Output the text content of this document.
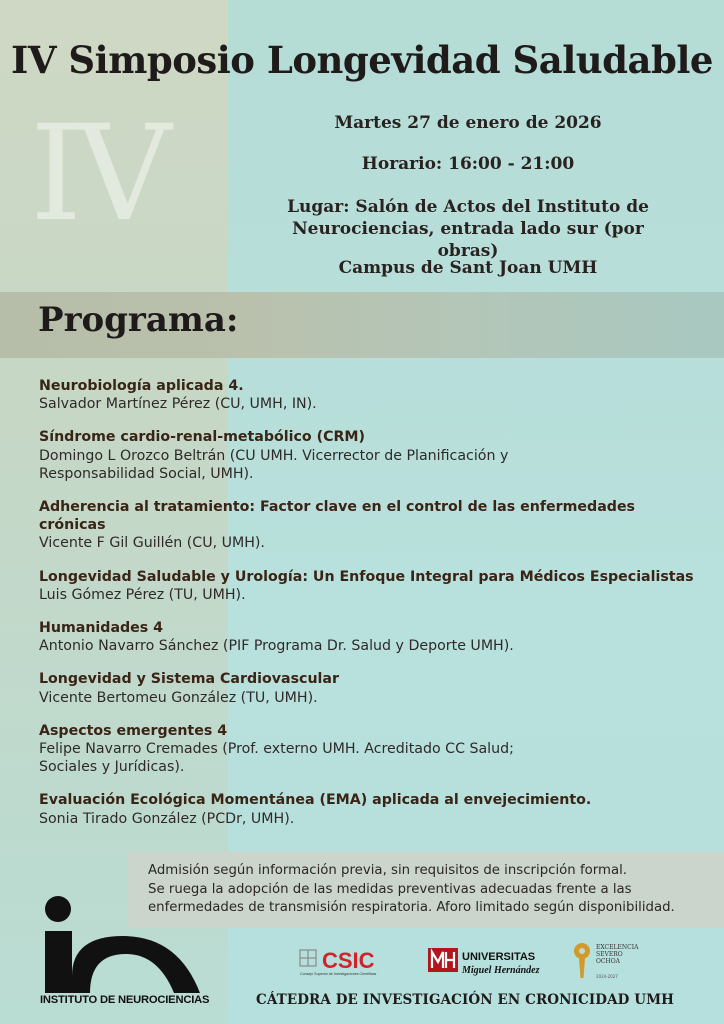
IV Simposio Longevidad Saludable
IV	Martes 27 de enero de 2026
Horario: 16:00 - 21:00
Lugar: Salón de Actos del Instituto de
Neurociencias, entrada lado sur (por obras)
Campus de Sant Joan UMH
Programa:
Neurobiología aplicada 4.
Salvador Martínez Pérez (CU, UMH, IN).
Síndrome cardio-renal-metabólico (CRM)
Domingo L Orozco Beltrán (CU UMH. Vicerrector de Planificación y Responsabilidad Social, UMH).
Adherencia al tratamiento: Factor clave en el control de las enfermedades crónicas
Vicente F Gil Guillén (CU, UMH).
Longevidad Saludable y Urología: Un Enfoque Integral para Médicos Especialistas
Luis Gómez Pérez (TU, UMH).
Humanidades 4
Antonio Navarro Sánchez (PIF Programa Dr. Salud y Deporte UMH).
Longevidad y Sistema Cardiovascular
Vicente Bertomeu González (TU, UMH).
Aspectos emergentes 4
Felipe Navarro Cremades (Prof. externo UMH. Acreditado CC Salud; Sociales y Jurídicas).
Evaluación Ecológica Momentánea (EMA) aplicada al envejecimiento.
Sonia Tirado González (PCDr, UMH).
Admisión según información previa, sin requisitos de inscripción formal.
Se ruega la adopción de las medidas preventivas adecuadas frente a las
enfermedades de transmisión respiratoria. Aforo limitado según disponibilidad.
INSTITUTO DE NEUROCIENCIAS
CSIC
Consejo Superior de Investigaciones Científicas
UNIVERSITAS
Miguel Hernández
EXCELENCIA
SEVERO
OCHOA
2024-2027
CÁTEDRA DE INVESTIGACIÓN EN CRONICIDAD UMH
